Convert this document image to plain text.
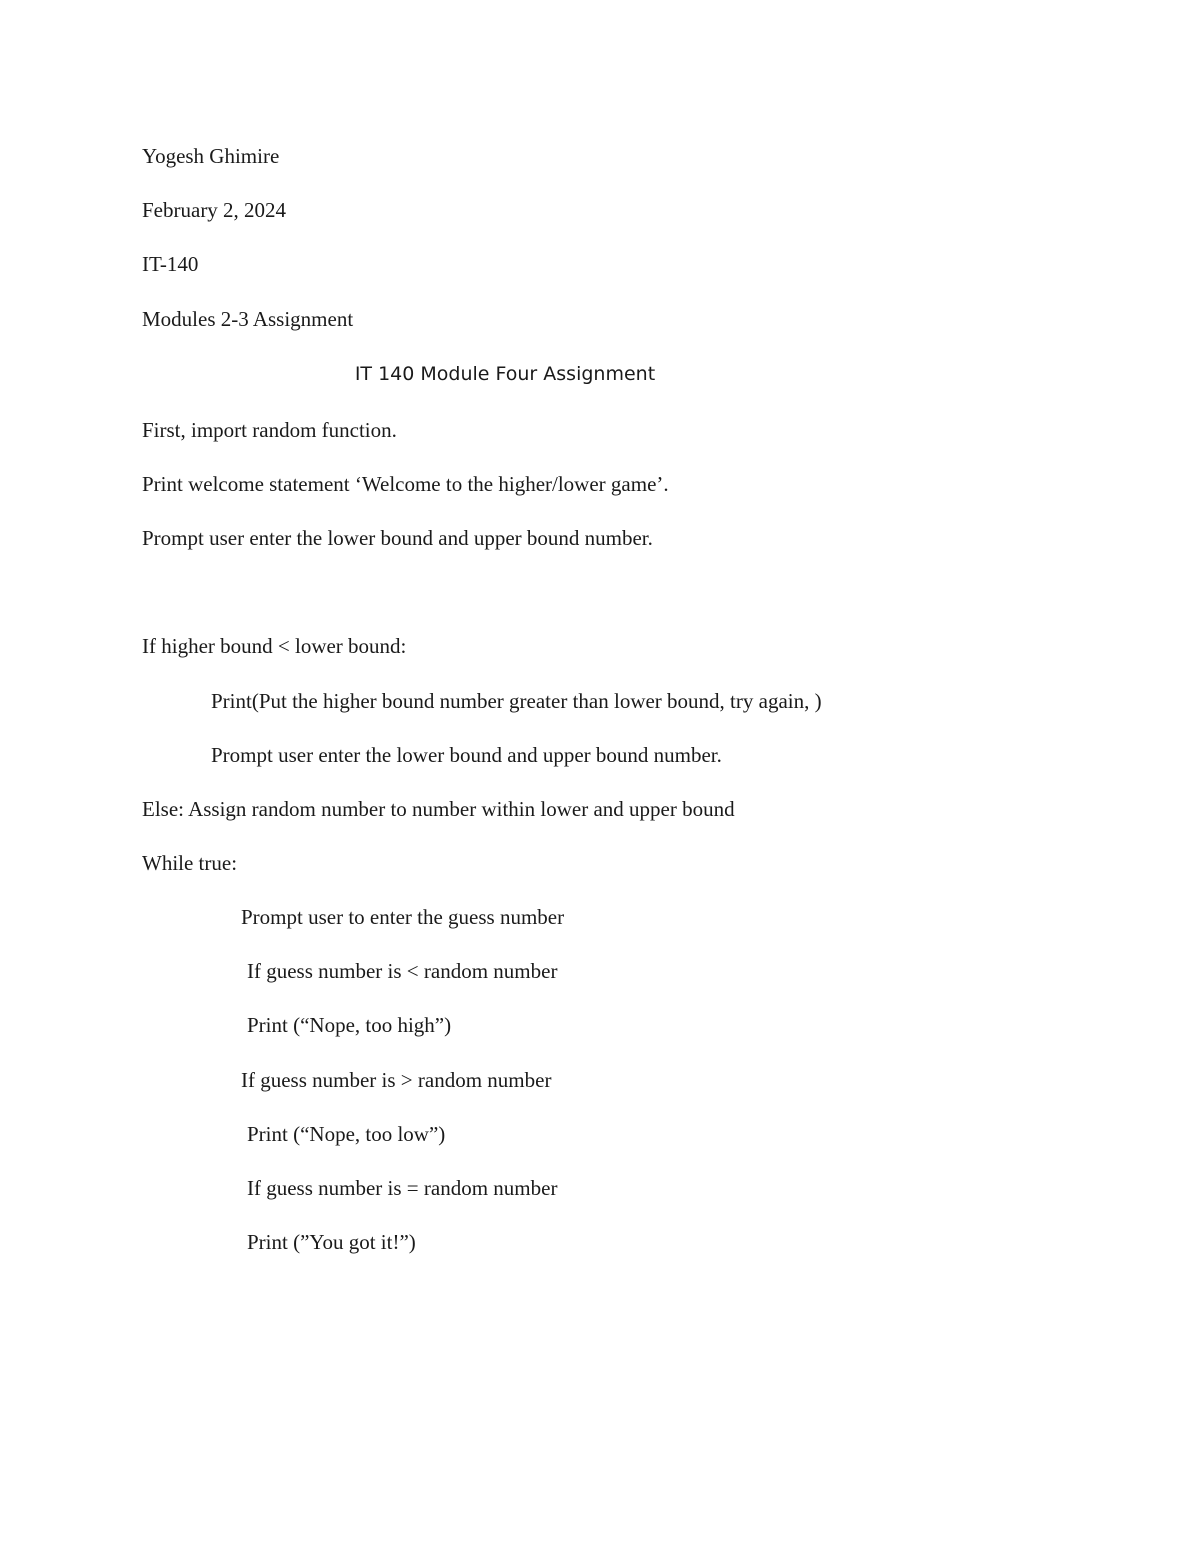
Yogesh Ghimire
February 2, 2024
IT-140
Modules 2-3 Assignment
IT 140 Module Four Assignment
First, import random function.
Print welcome statement ‘Welcome to the higher/lower game’.
Prompt user enter the lower bound and upper bound number.
If higher bound < lower bound:
Print(Put the higher bound number greater than lower bound, try again, )
Prompt user enter the lower bound and upper bound number.
Else: Assign random number to number within lower and upper bound
While true:
Prompt user to enter the guess number
If guess number is < random number
Print (“Nope, too high”)
If guess number is > random number
Print (“Nope, too low”)
If guess number is = random number
Print (”You got it!”)
